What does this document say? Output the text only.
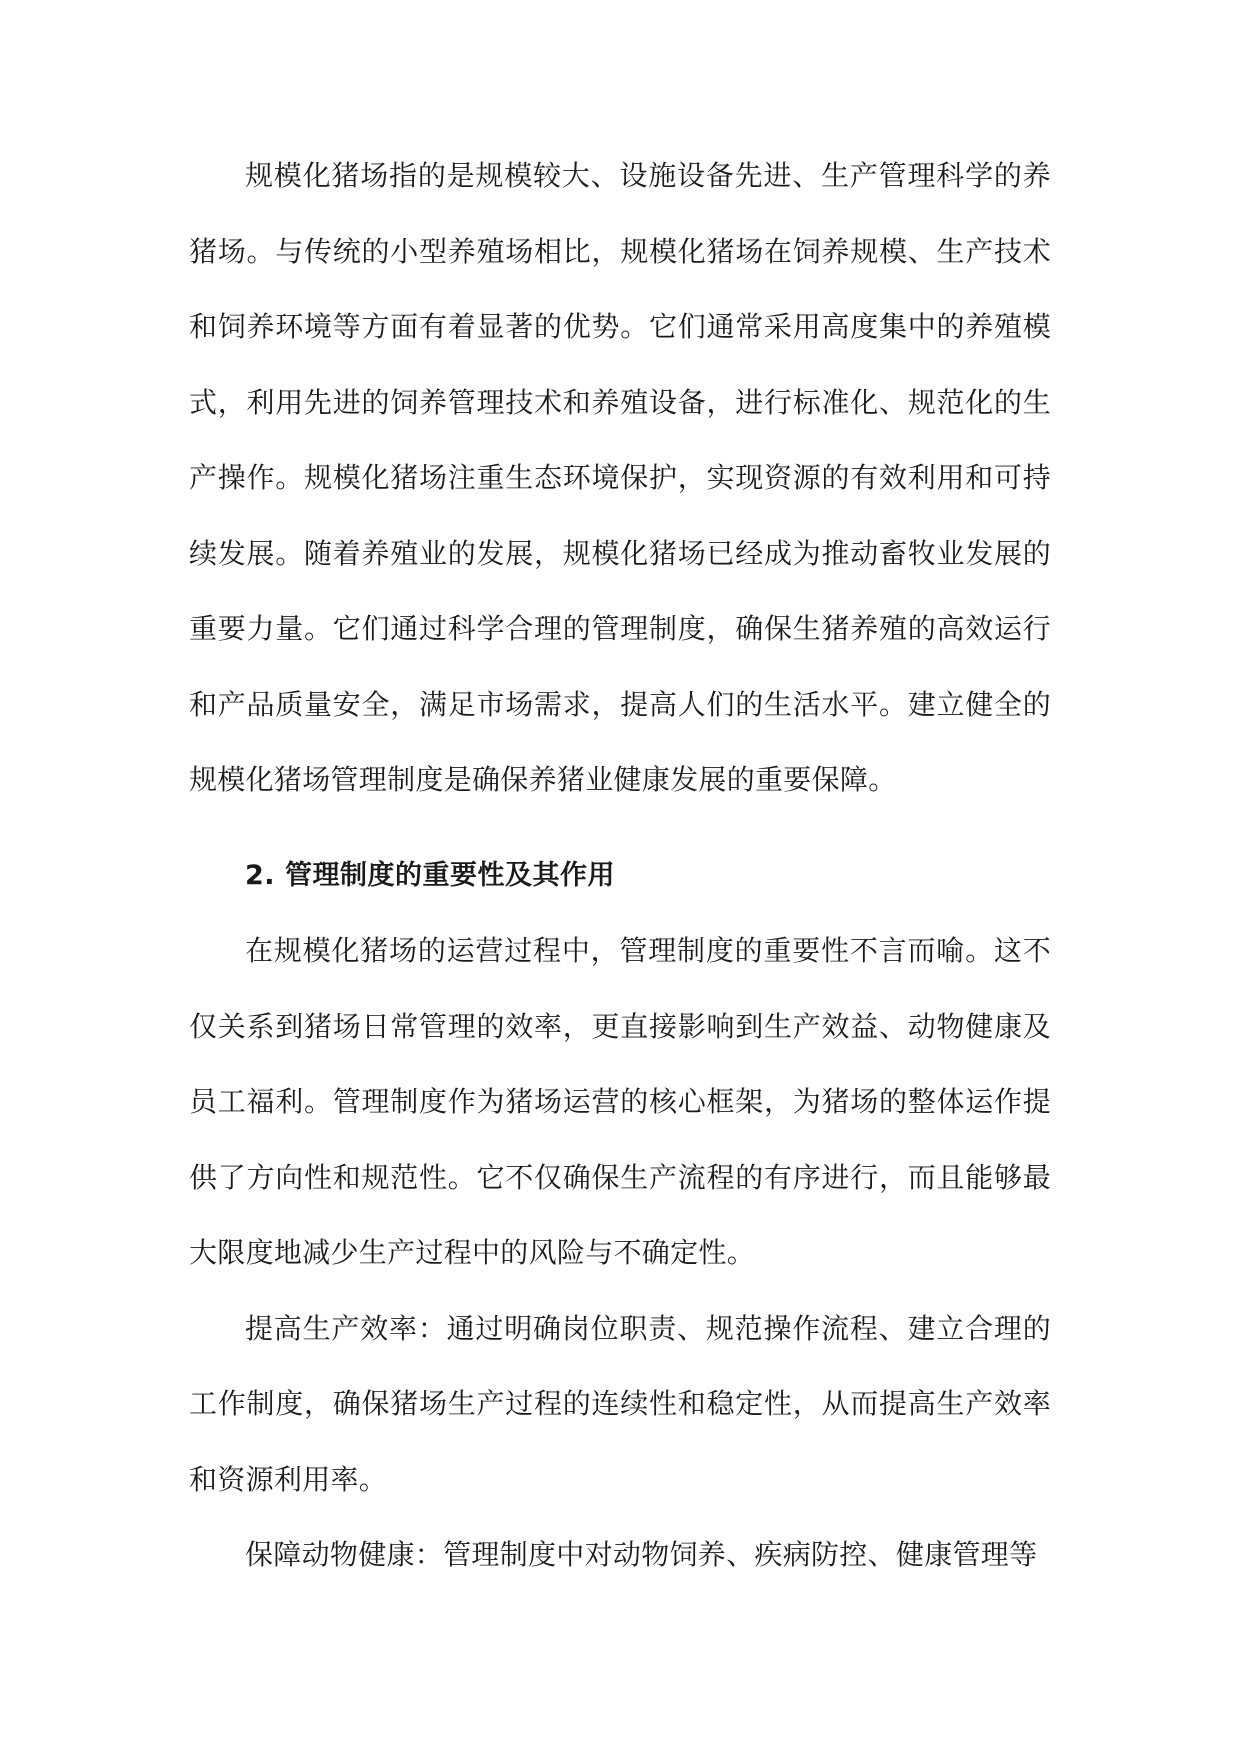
规模化猪场指的是规模较大、设施设备先进、生产管理科学的养猪场。与传统的小型养殖场相比，规模化猪场在饲养规模、生产技术和饲养环境等方面有着显著的优势。它们通常采用高度集中的养殖模式，利用先进的饲养管理技术和养殖设备，进行标准化、规范化的生产操作。规模化猪场注重生态环境保护，实现资源的有效利用和可持续发展。随着养殖业的发展，规模化猪场已经成为推动畜牧业发展的重要力量。它们通过科学合理的管理制度，确保生猪养殖的高效运行和产品质量安全，满足市场需求，提高人们的生活水平。建立健全的规模化猪场管理制度是确保养猪业健康发展的重要保障。

2. 管理制度的重要性及其作用

在规模化猪场的运营过程中，管理制度的重要性不言而喻。这不仅关系到猪场日常管理的效率，更直接影响到生产效益、动物健康及员工福利。管理制度作为猪场运营的核心框架，为猪场的整体运作提供了方向性和规范性。它不仅确保生产流程的有序进行，而且能够最大限度地减少生产过程中的风险与不确定性。

提高生产效率：通过明确岗位职责、规范操作流程、建立合理的工作制度，确保猪场生产过程的连续性和稳定性，从而提高生产效率和资源利用率。

保障动物健康：管理制度中对动物饲养、疾病防控、健康管理等
